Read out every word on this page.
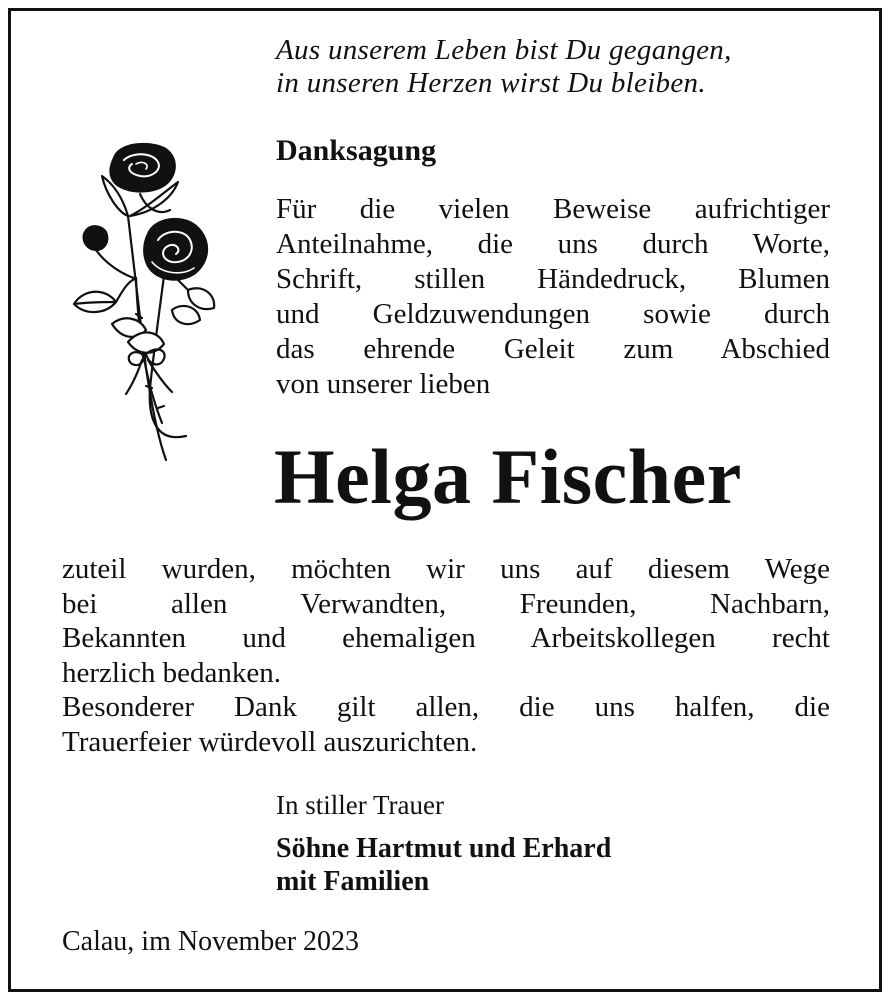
Aus unserem Leben bist Du gegangen,
in unseren Herzen wirst Du bleiben.
Danksagung
Für die vielen Beweise aufrichtiger
Anteilnahme, die uns durch Worte,
Schrift, stillen Händedruck, Blumen
und Geldzuwendungen sowie durch
das ehrende Geleit zum Abschied
von unserer lieben
Helga Fischer
zuteil wurden, möchten wir uns auf diesem Wege
bei allen Verwandten, Freunden, Nachbarn,
Bekannten und ehemaligen Arbeitskollegen recht
herzlich bedanken.
Besonderer Dank gilt allen, die uns halfen, die
Trauerfeier würdevoll auszurichten.
In stiller Trauer
Söhne Hartmut und Erhard
mit Familien
Calau, im November 2023
